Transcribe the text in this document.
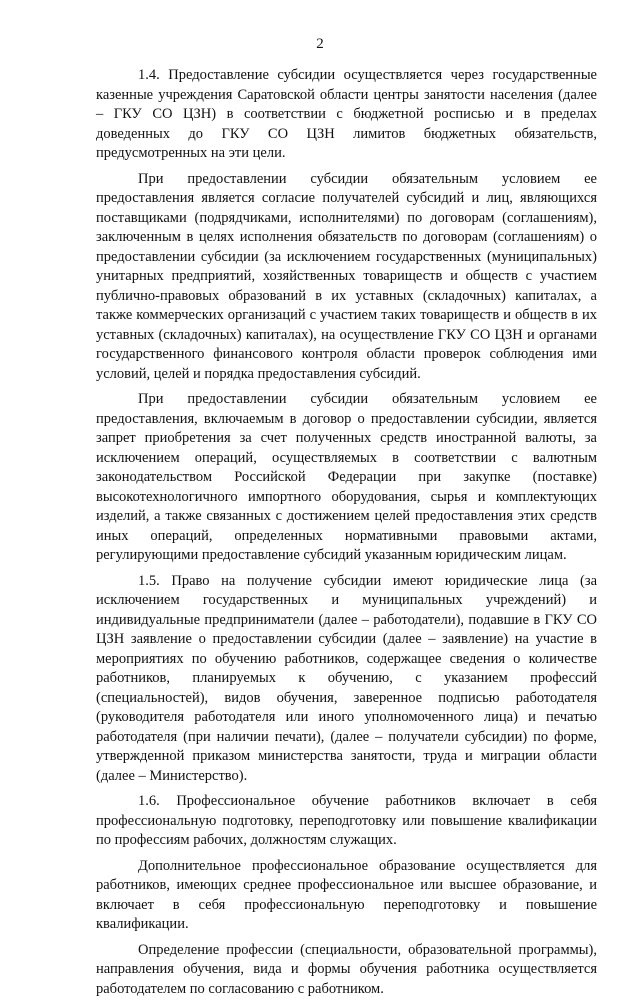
2

1.4. Предоставление субсидии осуществляется через государственные казенные учреждения Саратовской области центры занятости населения (далее – ГКУ СО ЦЗН) в соответствии с бюджетной росписью и в пределах доведенных до ГКУ СО ЦЗН лимитов бюджетных обязательств, предусмотренных на эти цели.

При предоставлении субсидии обязательным условием ее предоставления является согласие получателей субсидий и лиц, являющихся поставщиками (подрядчиками, исполнителями) по договорам (соглашениям), заключенным в целях исполнения обязательств по договорам (соглашениям) о предоставлении субсидии (за исключением государственных (муниципальных) унитарных предприятий, хозяйственных товариществ и обществ с участием публично-правовых образований в их уставных (складочных) капиталах, а также коммерческих организаций с участием таких товариществ и обществ в их уставных (складочных) капиталах), на осуществление ГКУ СО ЦЗН и органами государственного финансового контроля области проверок соблюдения ими условий, целей и порядка предоставления субсидий.

При предоставлении субсидии обязательным условием ее предоставления, включаемым в договор о предоставлении субсидии, является запрет приобретения за счет полученных средств иностранной валюты, за исключением операций, осуществляемых в соответствии с валютным законодательством Российской Федерации при закупке (поставке) высокотехнологичного импортного оборудования, сырья и комплектующих изделий, а также связанных с достижением целей предоставления этих средств иных операций, определенных нормативными правовыми актами, регулирующими предоставление субсидий указанным юридическим лицам.

1.5. Право на получение субсидии имеют юридические лица (за исключением государственных и муниципальных учреждений) и индивидуальные предприниматели (далее – работодатели), подавшие в ГКУ СО ЦЗН заявление о предоставлении субсидии (далее – заявление) на участие в мероприятиях по обучению работников, содержащее сведения о количестве работников, планируемых к обучению, с указанием профессий (специальностей), видов обучения, заверенное подписью работодателя (руководителя работодателя или иного уполномоченного лица) и печатью работодателя (при наличии печати), (далее – получатели субсидии) по форме, утвержденной приказом министерства занятости, труда и миграции области (далее – Министерство).

1.6. Профессиональное обучение работников включает в себя профессиональную подготовку, переподготовку или повышение квалификации по профессиям рабочих, должностям служащих.

Дополнительное профессиональное образование осуществляется для работников, имеющих среднее профессиональное или высшее образование, и включает в себя профессиональную переподготовку и повышение квалификации.

Определение профессии (специальности, образовательной программы), направления обучения, вида и формы обучения работника осуществляется работодателем по согласованию с работником.
